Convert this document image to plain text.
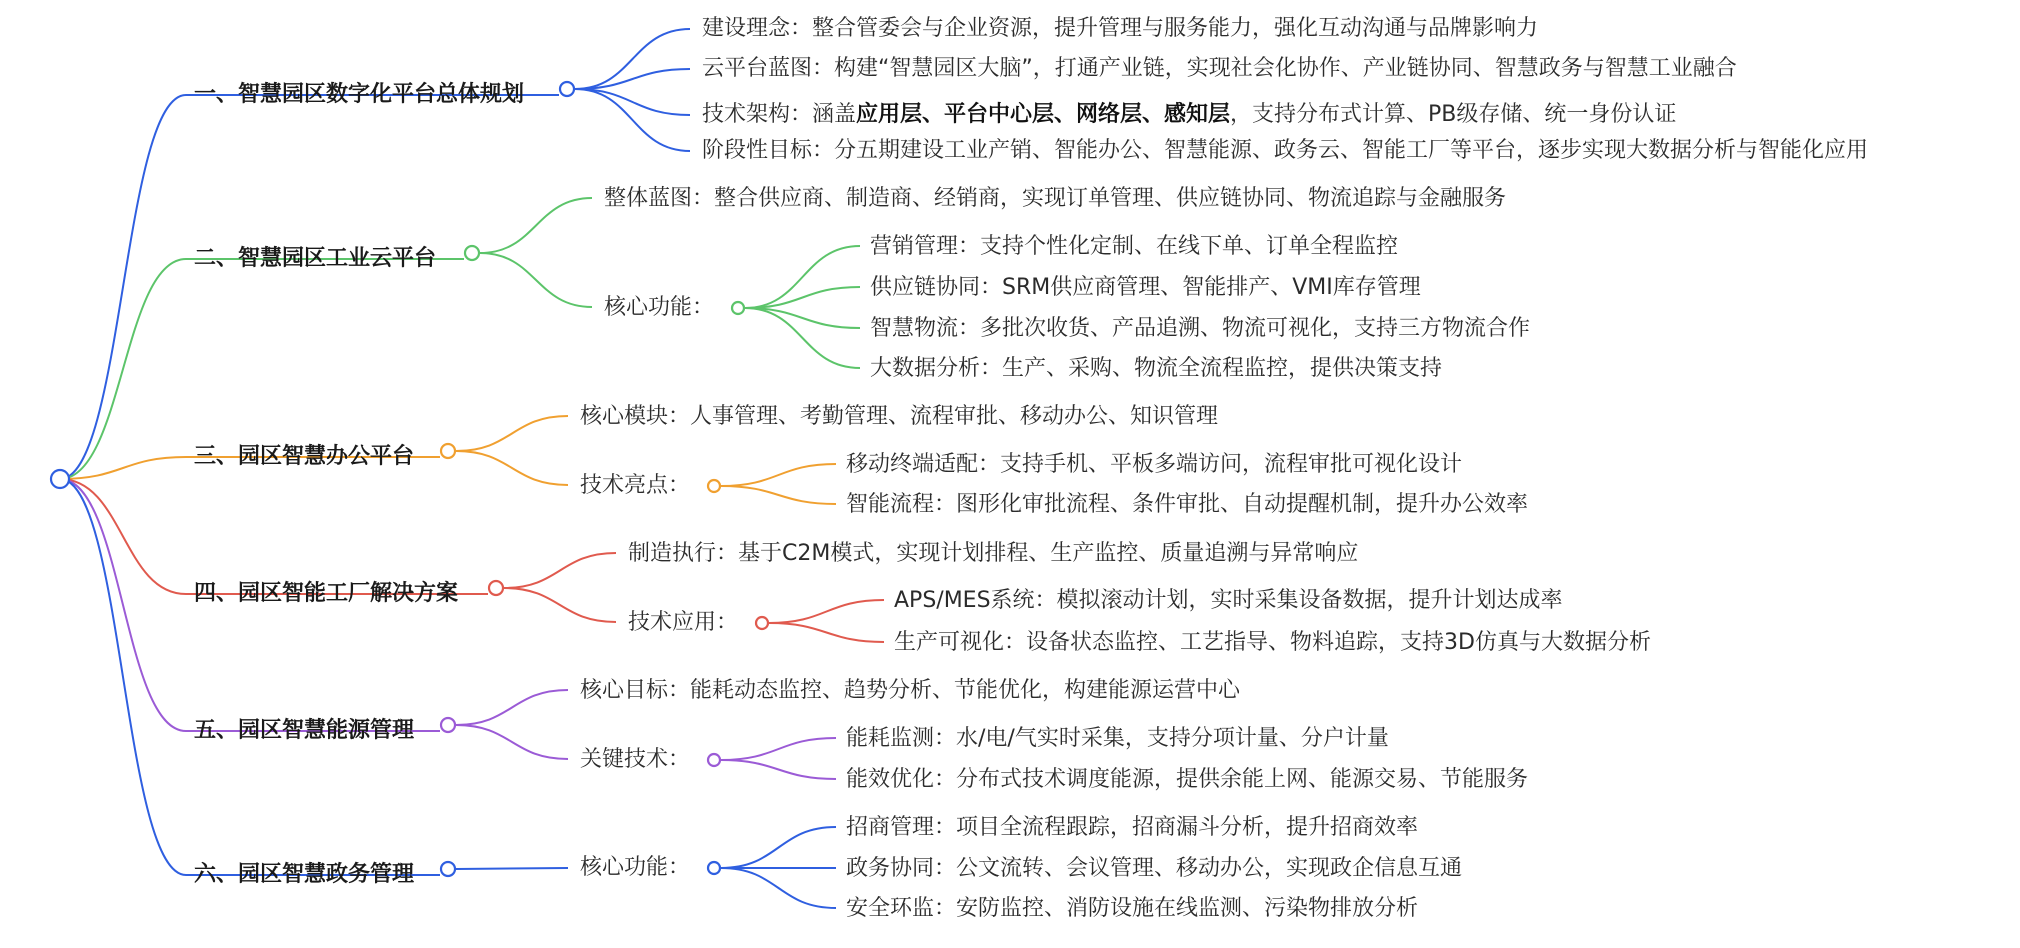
一、智慧园区数字化平台总体规划
建设理念：整合管委会与企业资源，提升管理与服务能力，强化互动沟通与品牌影响力
云平台蓝图：构建“智慧园区大脑”，打通产业链，实现社会化协作、产业链协同、智慧政务与智慧工业融合
技术架构：涵盖应用层、平台中心层、网络层、感知层，支持分布式计算、PB级存储、统一身份认证
阶段性目标：分五期建设工业产销、智能办公、智慧能源、政务云、智能工厂等平台，逐步实现大数据分析与智能化应用
二、智慧园区工业云平台
整体蓝图：整合供应商、制造商、经销商，实现订单管理、供应链协同、物流追踪与金融服务
核心功能：
营销管理：支持个性化定制、在线下单、订单全程监控
供应链协同：SRM供应商管理、智能排产、VMI库存管理
智慧物流：多批次收货、产品追溯、物流可视化，支持三方物流合作
大数据分析：生产、采购、物流全流程监控，提供决策支持
三、园区智慧办公平台
核心模块：人事管理、考勤管理、流程审批、移动办公、知识管理
技术亮点：
移动终端适配：支持手机、平板多端访问，流程审批可视化设计
智能流程：图形化审批流程、条件审批、自动提醒机制，提升办公效率
四、园区智能工厂解决方案
制造执行：基于C2M模式，实现计划排程、生产监控、质量追溯与异常响应
技术应用：
APS/MES系统：模拟滚动计划，实时采集设备数据，提升计划达成率
生产可视化：设备状态监控、工艺指导、物料追踪，支持3D仿真与大数据分析
五、园区智慧能源管理
核心目标：能耗动态监控、趋势分析、节能优化，构建能源运营中心
关键技术：
能耗监测：水/电/气实时采集，支持分项计量、分户计量
能效优化：分布式技术调度能源，提供余能上网、能源交易、节能服务
六、园区智慧政务管理	核心功能：
招商管理：项目全流程跟踪，招商漏斗分析，提升招商效率
政务协同：公文流转、会议管理、移动办公，实现政企信息互通
安全环监：安防监控、消防设施在线监测、污染物排放分析
